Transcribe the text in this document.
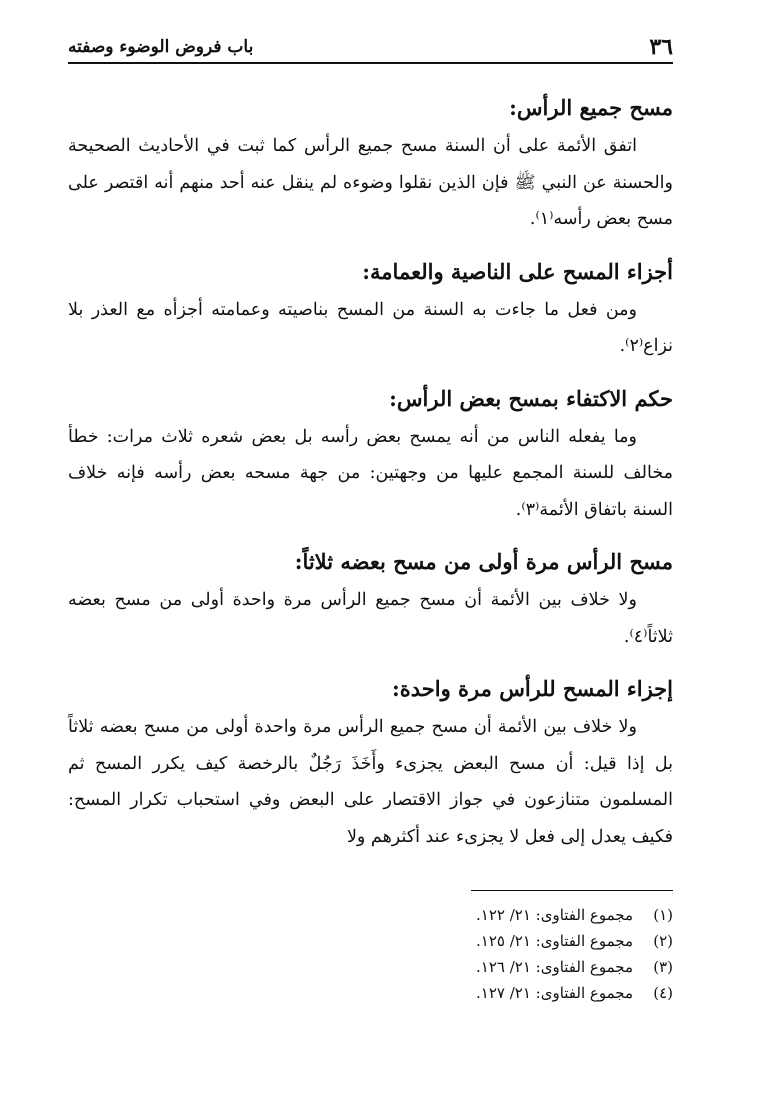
٣٦
باب فروض الوضوء وصفته
مسح جميع الرأس:

اتفق الأئمة على أن السنة مسح جميع الرأس كما ثبت في الأحاديث الصحيحة والحسنة عن النبي ﷺ فإن الذين نقلوا وضوءه لم ينقل عنه أحد منهم أنه اقتصر على مسح بعض رأسه⁽١⁾.

أجزاء المسح على الناصية والعمامة:

ومن فعل ما جاءت به السنة من المسح بناصيته وعمامته أجزأه مع العذر بلا نزاع⁽٢⁾.

حكم الاكتفاء بمسح بعض الرأس:

وما يفعله الناس من أنه يمسح بعض رأسه بل بعض شعره ثلاث مرات: خطأ مخالف للسنة المجمع عليها من وجهتين: من جهة مسحه بعض رأسه فإنه خلاف السنة باتفاق الأئمة⁽٣⁾.

مسح الرأس مرة أولى من مسح بعضه ثلاثاً:

ولا خلاف بين الأئمة أن مسح جميع الرأس مرة واحدة أولى من مسح بعضه ثلاثاً⁽٤⁾.

إجزاء المسح للرأس مرة واحدة:

ولا خلاف بين الأئمة أن مسح جميع الرأس مرة واحدة أولى من مسح بعضه ثلاثاً بل إذا قيل: أن مسح البعض يجزىء وأَخَذَ رَجُلٌ بالرخصة كيف يكرر المسح ثم المسلمون متنازعون في جواز الاقتصار على البعض وفي استحباب تكرار المسح: فكيف يعدل إلى فعل لا يجزىء عند أكثرهم ولا

(١)
مجموع الفتاوى: ٢١/ ١٢٢.
(٢)
مجموع الفتاوى: ٢١/ ١٢٥.
(٣)
مجموع الفتاوى: ٢١/ ١٢٦.
(٤)
مجموع الفتاوى: ٢١/ ١٢٧.
